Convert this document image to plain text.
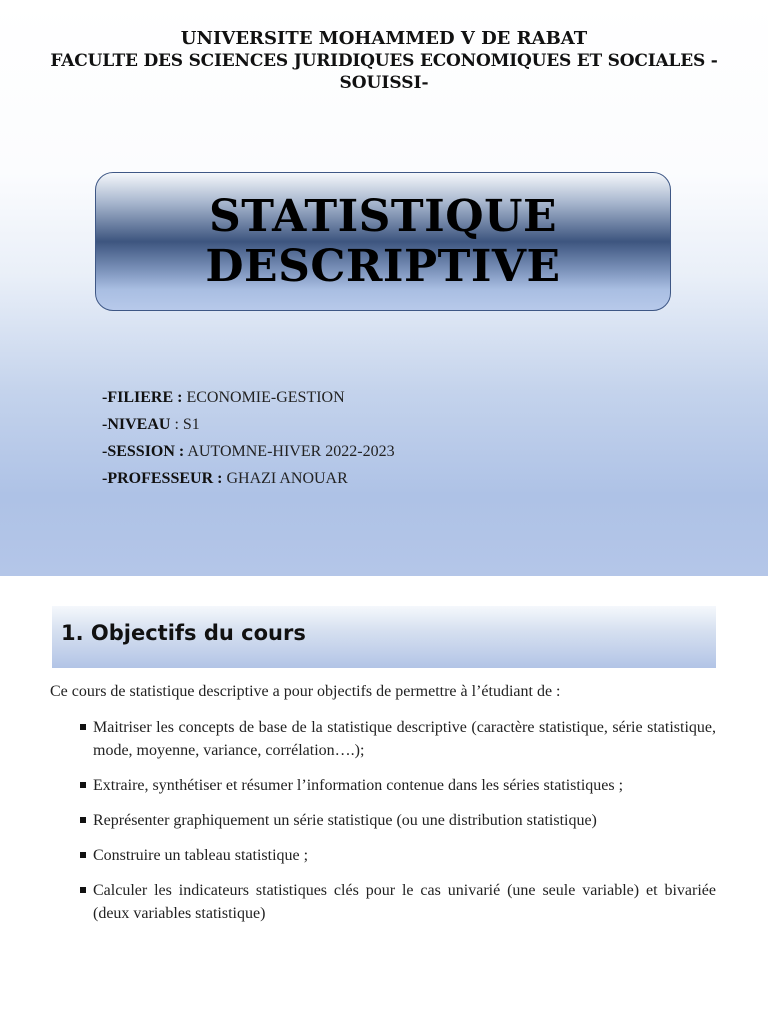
UNIVERSITE MOHAMMED V DE RABAT
FACULTE DES SCIENCES JURIDIQUES ECONOMIQUES ET SOCIALES -
SOUISSI-
STATISTIQUE
DESCRIPTIVE
-FILIERE : ECONOMIE-GESTION
-NIVEAU : S1
-SESSION : AUTOMNE-HIVER 2022-2023
-PROFESSEUR : GHAZI ANOUAR
1. Objectifs du cours
Ce cours de statistique descriptive a pour objectifs de permettre à l’étudiant de :
Maitriser les concepts de base de la statistique descriptive (caractère statistique, série statistique, mode, moyenne, variance, corrélation….);
Extraire, synthétiser et résumer l’information contenue dans les séries statistiques ;
Représenter graphiquement un série statistique (ou une distribution statistique)
Construire un tableau statistique ;
Calculer les indicateurs statistiques clés pour le cas univarié (une seule variable) et bivariée (deux variables statistique)
